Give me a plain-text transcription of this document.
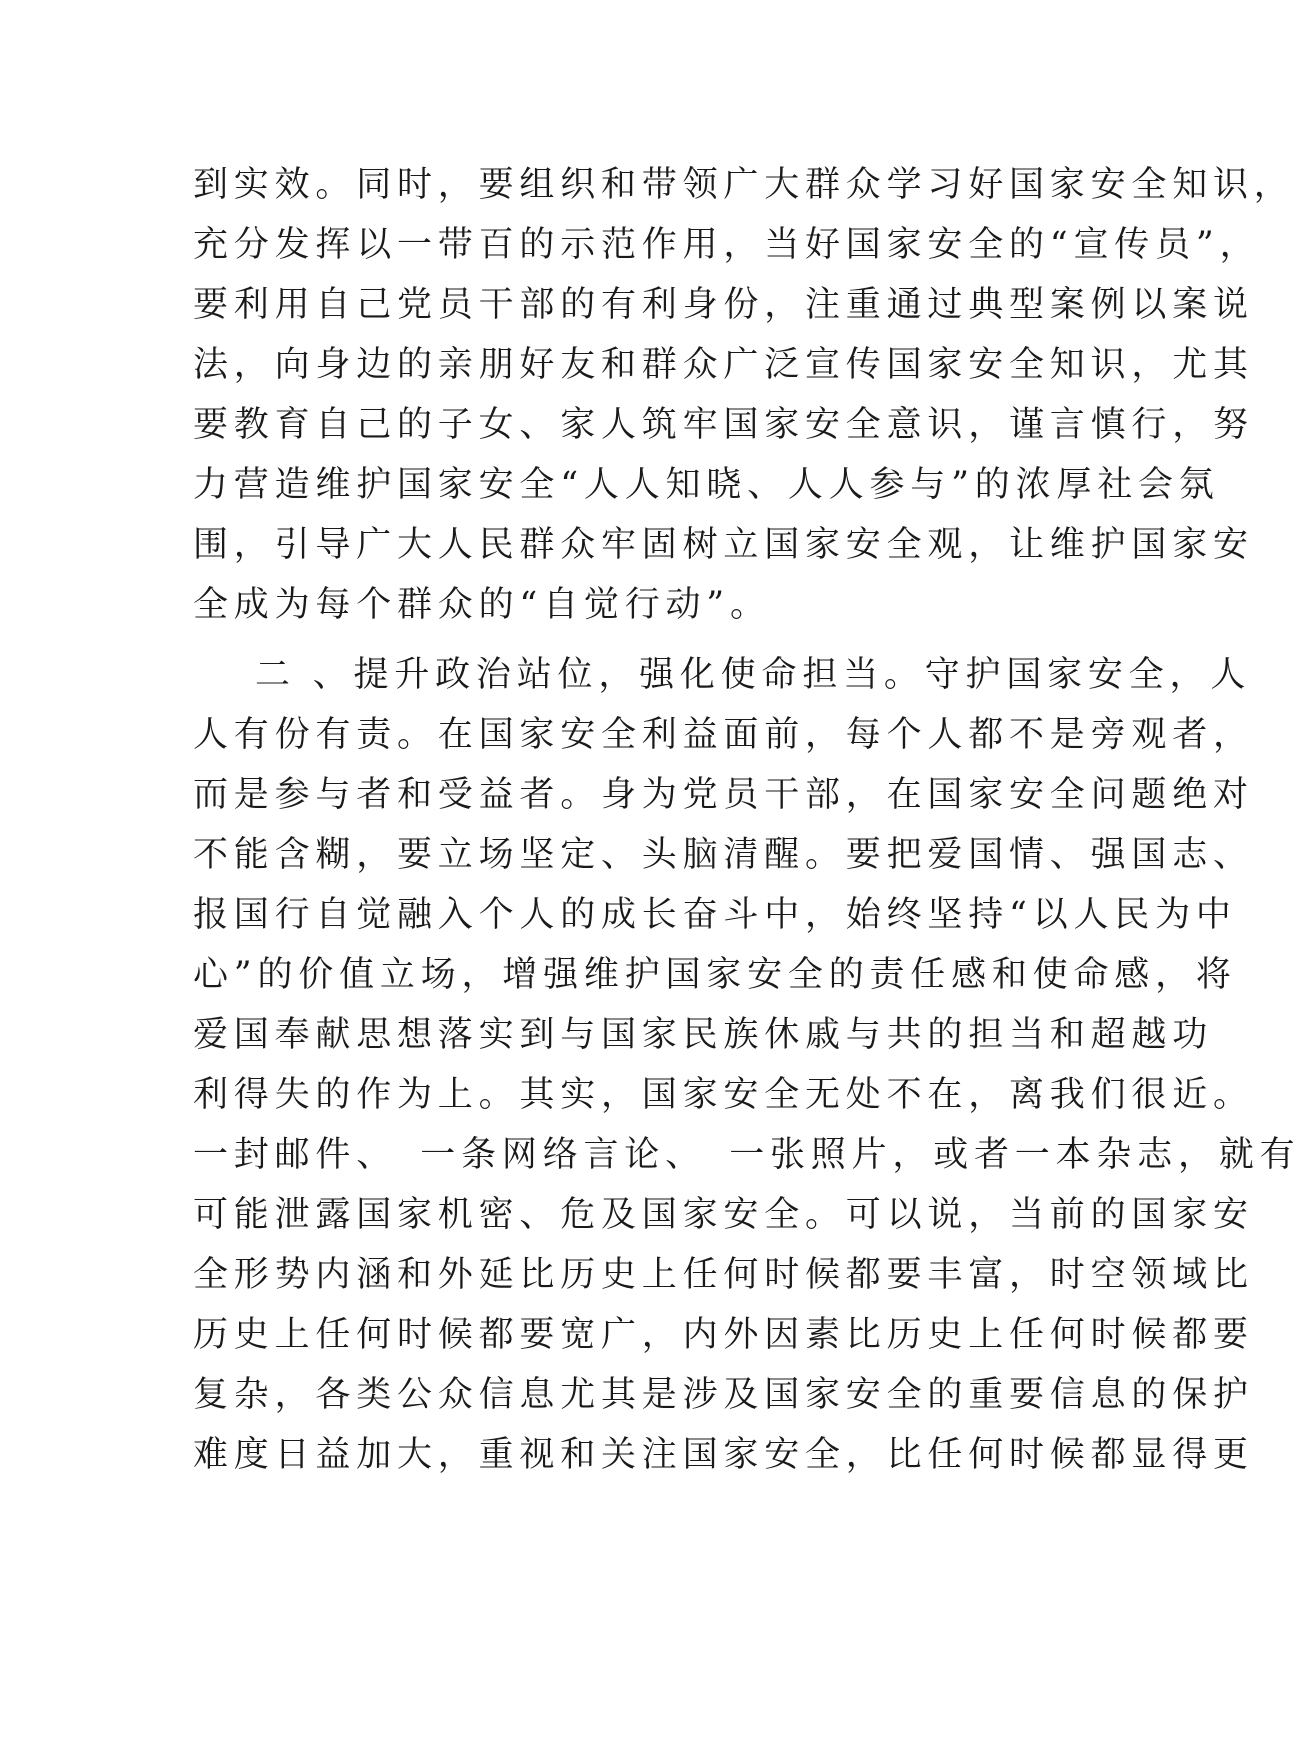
到实效。同时，要组织和带领广大群众学习好国家安全知识，
充分发挥以一带百的示范作用，当好国家安全的“宣传员”，
要利用自己党员干部的有利身份，注重通过典型案例以案说
法，向身边的亲朋好友和群众广泛宣传国家安全知识，尤其
要教育自己的子女、家人筑牢国家安全意识，谨言慎行，努
力营造维护国家安全“人人知晓、人人参与”的浓厚社会氛
围，引导广大人民群众牢固树立国家安全观，让维护国家安
全成为每个群众的“自觉行动”。
二 、提升政治站位，强化使命担当。守护国家安全，人
人有份有责。在国家安全利益面前，每个人都不是旁观者，
而是参与者和受益者。身为党员干部，在国家安全问题绝对
不能含糊，要立场坚定、头脑清醒。要把爱国情、强国志、
报国行自觉融入个人的成长奋斗中，始终坚持“以人民为中
心”的价值立场，增强维护国家安全的责任感和使命感，将
爱国奉献思想落实到与国家民族休戚与共的担当和超越功
利得失的作为上。其实，国家安全无处不在，离我们很近。
一封邮件、　一条网络言论、　一张照片，或者一本杂志，就有
可能泄露国家机密、危及国家安全。可以说，当前的国家安
全形势内涵和外延比历史上任何时候都要丰富，时空领域比
历史上任何时候都要宽广，内外因素比历史上任何时候都要
复杂，各类公众信息尤其是涉及国家安全的重要信息的保护
难度日益加大，重视和关注国家安全，比任何时候都显得更
